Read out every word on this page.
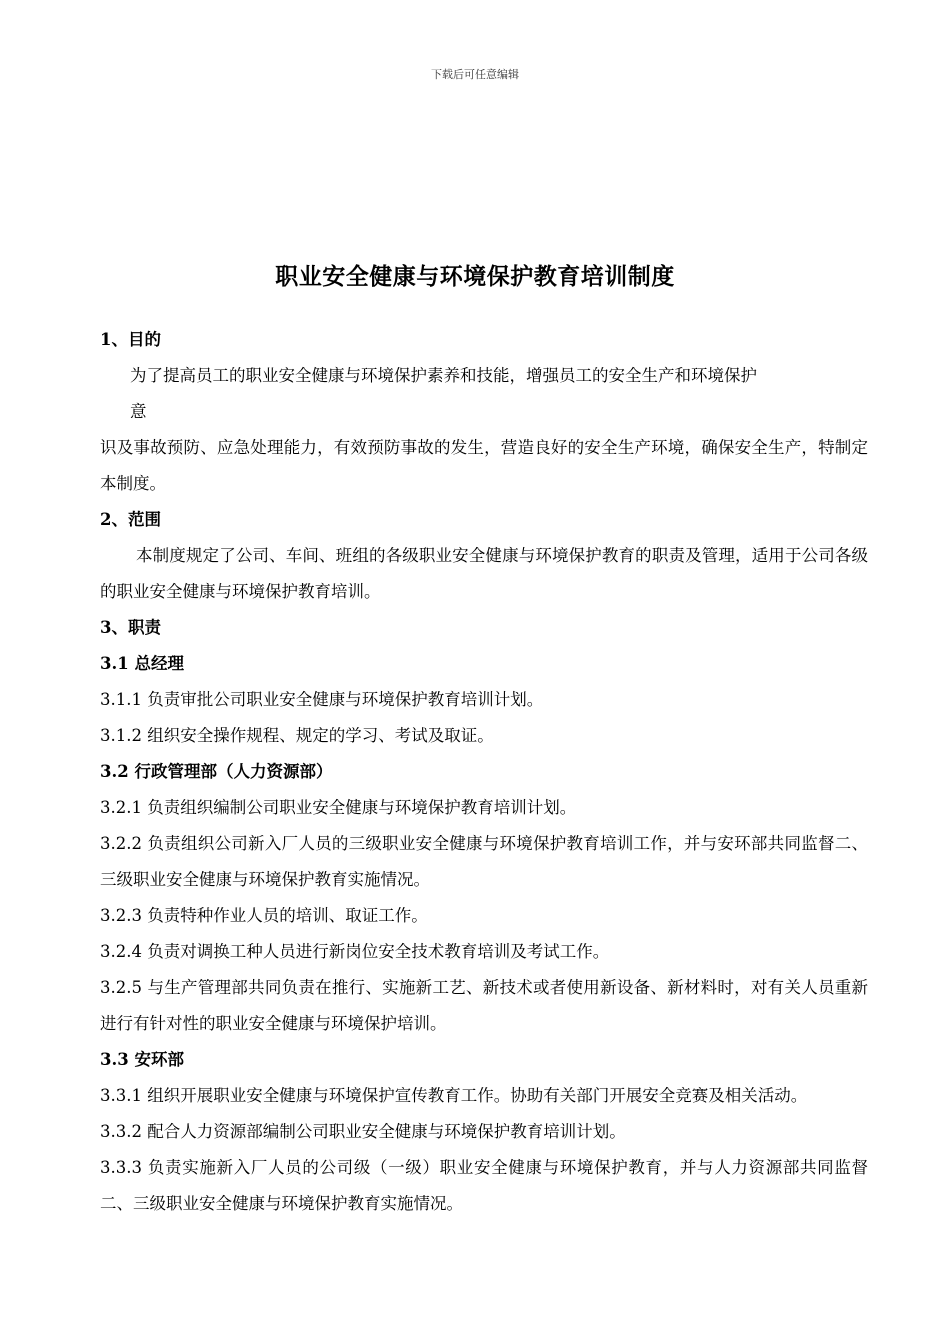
下载后可任意编辑
职业安全健康与环境保护教育培训制度

1、目的

为了提高员工的职业安全健康与环境保护素养和技能，增强员工的安全生产和环境保护

意

识及事故预防、应急处理能力，有效预防事故的发生，营造良好的安全生产环境，确保安全生产，特制定本制度。

2、范围

本制度规定了公司、车间、班组的各级职业安全健康与环境保护教育的职责及管理，适用于公司各级的职业安全健康与环境保护教育培训。

3、职责

3.1 总经理

3.1.1 负责审批公司职业安全健康与环境保护教育培训计划。

3.1.2 组织安全操作规程、规定的学习、考试及取证。

3.2 行政管理部（人力资源部）

3.2.1 负责组织编制公司职业安全健康与环境保护教育培训计划。

3.2.2 负责组织公司新入厂人员的三级职业安全健康与环境保护教育培训工作，并与安环部共同监督二、三级职业安全健康与环境保护教育实施情况。

3.2.3 负责特种作业人员的培训、取证工作。

3.2.4 负责对调换工种人员进行新岗位安全技术教育培训及考试工作。

3.2.5 与生产管理部共同负责在推行、实施新工艺、新技术或者使用新设备、新材料时，对有关人员重新进行有针对性的职业安全健康与环境保护培训。

3.3 安环部

3.3.1 组织开展职业安全健康与环境保护宣传教育工作。协助有关部门开展安全竞赛及相关活动。

3.3.2 配合人力资源部编制公司职业安全健康与环境保护教育培训计划。

3.3.3 负责实施新入厂人员的公司级（一级）职业安全健康与环境保护教育，并与人力资源部共同监督二、三级职业安全健康与环境保护教育实施情况。
